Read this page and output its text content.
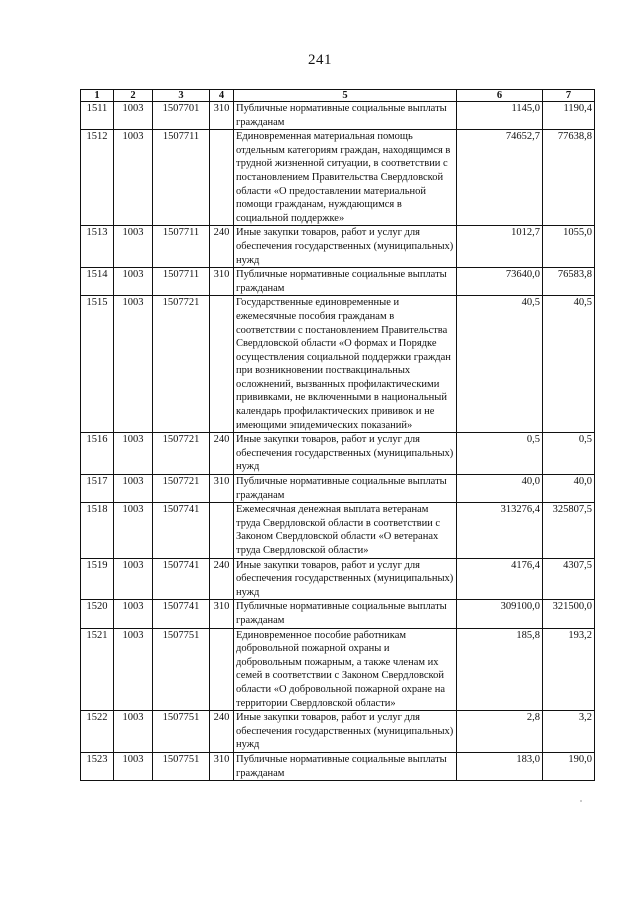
241
1	2	3	4	5	6	7
1511	1003	1507701	310	Публичные нормативные социальные выплаты гражданам	1145,0	1190,4
1512	1003	1507711		Единовременная материальная помощь отдельным категориям граждан, находящимся в трудной жизненной ситуации, в соответствии с постановлением Правительства Свердловской области «О предоставлении материальной помощи гражданам, нуждающимся в социальной поддержке»	74652,7	77638,8
1513	1003	1507711	240	Иные закупки товаров, работ и услуг для обеспечения государственных (муниципальных) нужд	1012,7	1055,0
1514	1003	1507711	310	Публичные нормативные социальные выплаты гражданам	73640,0	76583,8
1515	1003	1507721		Государственные единовременные и ежемесячные пособия гражданам в соответствии с постановлением Правительства Свердловской области «О формах и Порядке осуществления социальной поддержки граждан при возникновении поствакцинальных осложнений, вызванных профилактическими прививками, не включенными в национальный календарь профилактических прививок и не имеющими эпидемических показаний»	40,5	40,5
1516	1003	1507721	240	Иные закупки товаров, работ и услуг для обеспечения государственных (муниципальных) нужд	0,5	0,5
1517	1003	1507721	310	Публичные нормативные социальные выплаты гражданам	40,0	40,0
1518	1003	1507741		Ежемесячная денежная выплата ветеранам труда Свердловской области в соответствии с Законом Свердловской области «О ветеранах труда Свердловской области»	313276,4	325807,5
1519	1003	1507741	240	Иные закупки товаров, работ и услуг для обеспечения государственных (муниципальных) нужд	4176,4	4307,5
1520	1003	1507741	310	Публичные нормативные социальные выплаты гражданам	309100,0	321500,0
1521	1003	1507751		Единовременное пособие работникам добровольной пожарной охраны и добровольным пожарным, а также членам их семей в соответствии с Законом Свердловской области «О добровольной пожарной охране на территории Свердловской области»	185,8	193,2
1522	1003	1507751	240	Иные закупки товаров, работ и услуг для обеспечения государственных (муниципальных) нужд	2,8	3,2
1523	1003	1507751	310	Публичные нормативные социальные выплаты гражданам	183,0	190,0
